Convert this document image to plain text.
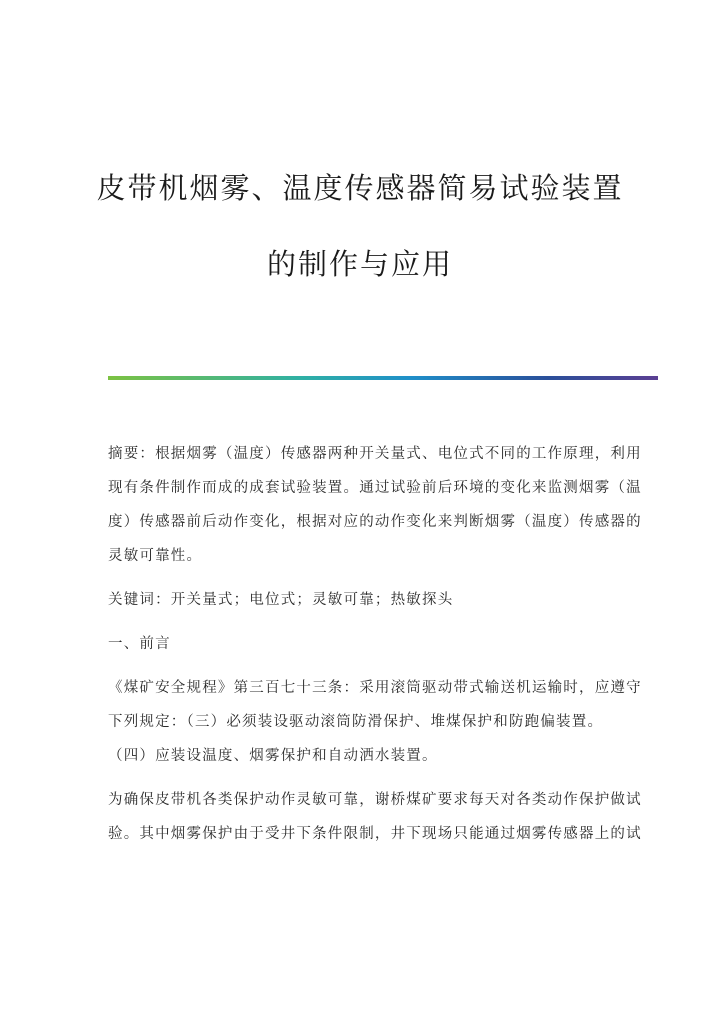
皮带机烟雾、温度传感器简易试验装置
的制作与应用

摘要：根据烟雾（温度）传感器两种开关量式、电位式不同的工作原理，利用

现有条件制作而成的成套试验装置。通过试验前后环境的变化来监测烟雾（温

度）传感器前后动作变化，根据对应的动作变化来判断烟雾（温度）传感器的

灵敏可靠性。

关键词：开关量式；电位式；灵敏可靠；热敏探头

一、前言

《煤矿安全规程》第三百七十三条：采用滚筒驱动带式输送机运输时，应遵守

下列规定：（三）必须装设驱动滚筒防滑保护、堆煤保护和防跑偏装置。

（四）应装设温度、烟雾保护和自动洒水装置。

为确保皮带机各类保护动作灵敏可靠，谢桥煤矿要求每天对各类动作保护做试

验。其中烟雾保护由于受井下条件限制，井下现场只能通过烟雾传感器上的试
